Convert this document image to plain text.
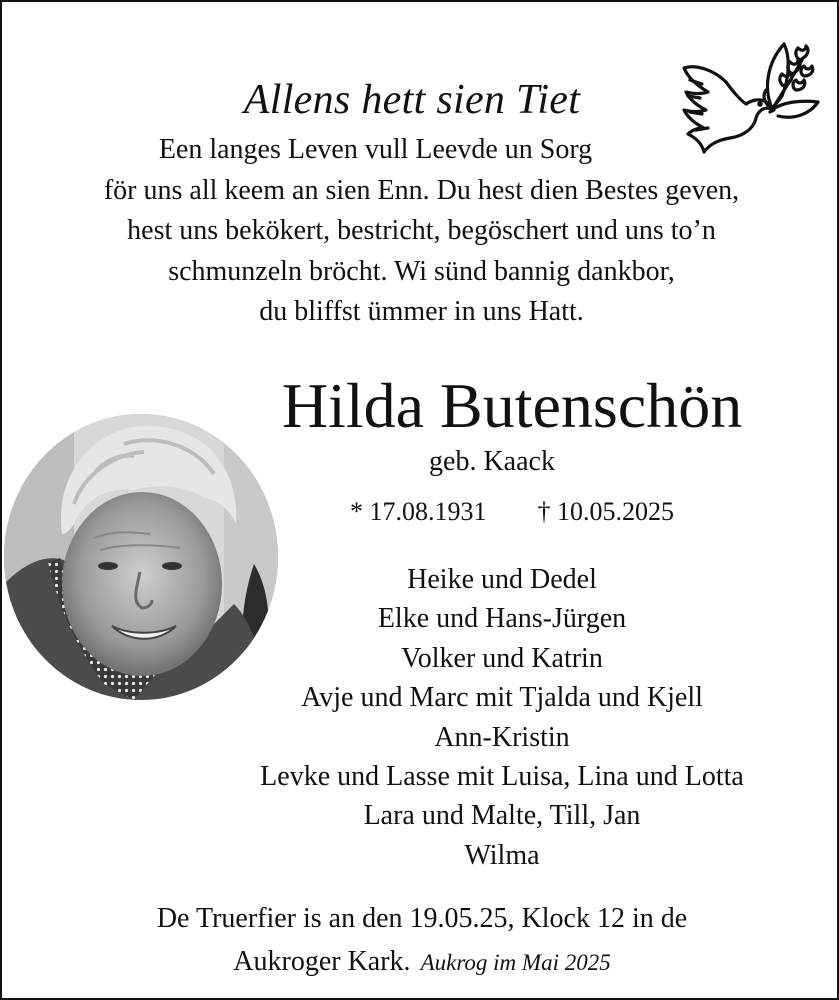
Allens hett sien Tiet
Een langes Leven vull Leevde un Sorg
för uns all keem an sien Enn. Du hest dien Bestes geven,
hest uns bekökert, bestricht, begöschert und uns to’n
schmunzeln bröcht. Wi sünd bannig dankbor,
du bliffst ümmer in uns Hatt.
Hilda Butenschön
geb. Kaack
* 17.08.1931 † 10.05.2025
Heike und Dedel
Elke und Hans-Jürgen
Volker und Katrin
Avje und Marc mit Tjalda und Kjell
Ann-Kristin
Levke und Lasse mit Luisa, Lina und Lotta
Lara und Malte, Till, Jan
Wilma
De Truerfier is an den 19.05.25, Klock 12 in de
Aukroger Kark. Aukrog im Mai 2025
